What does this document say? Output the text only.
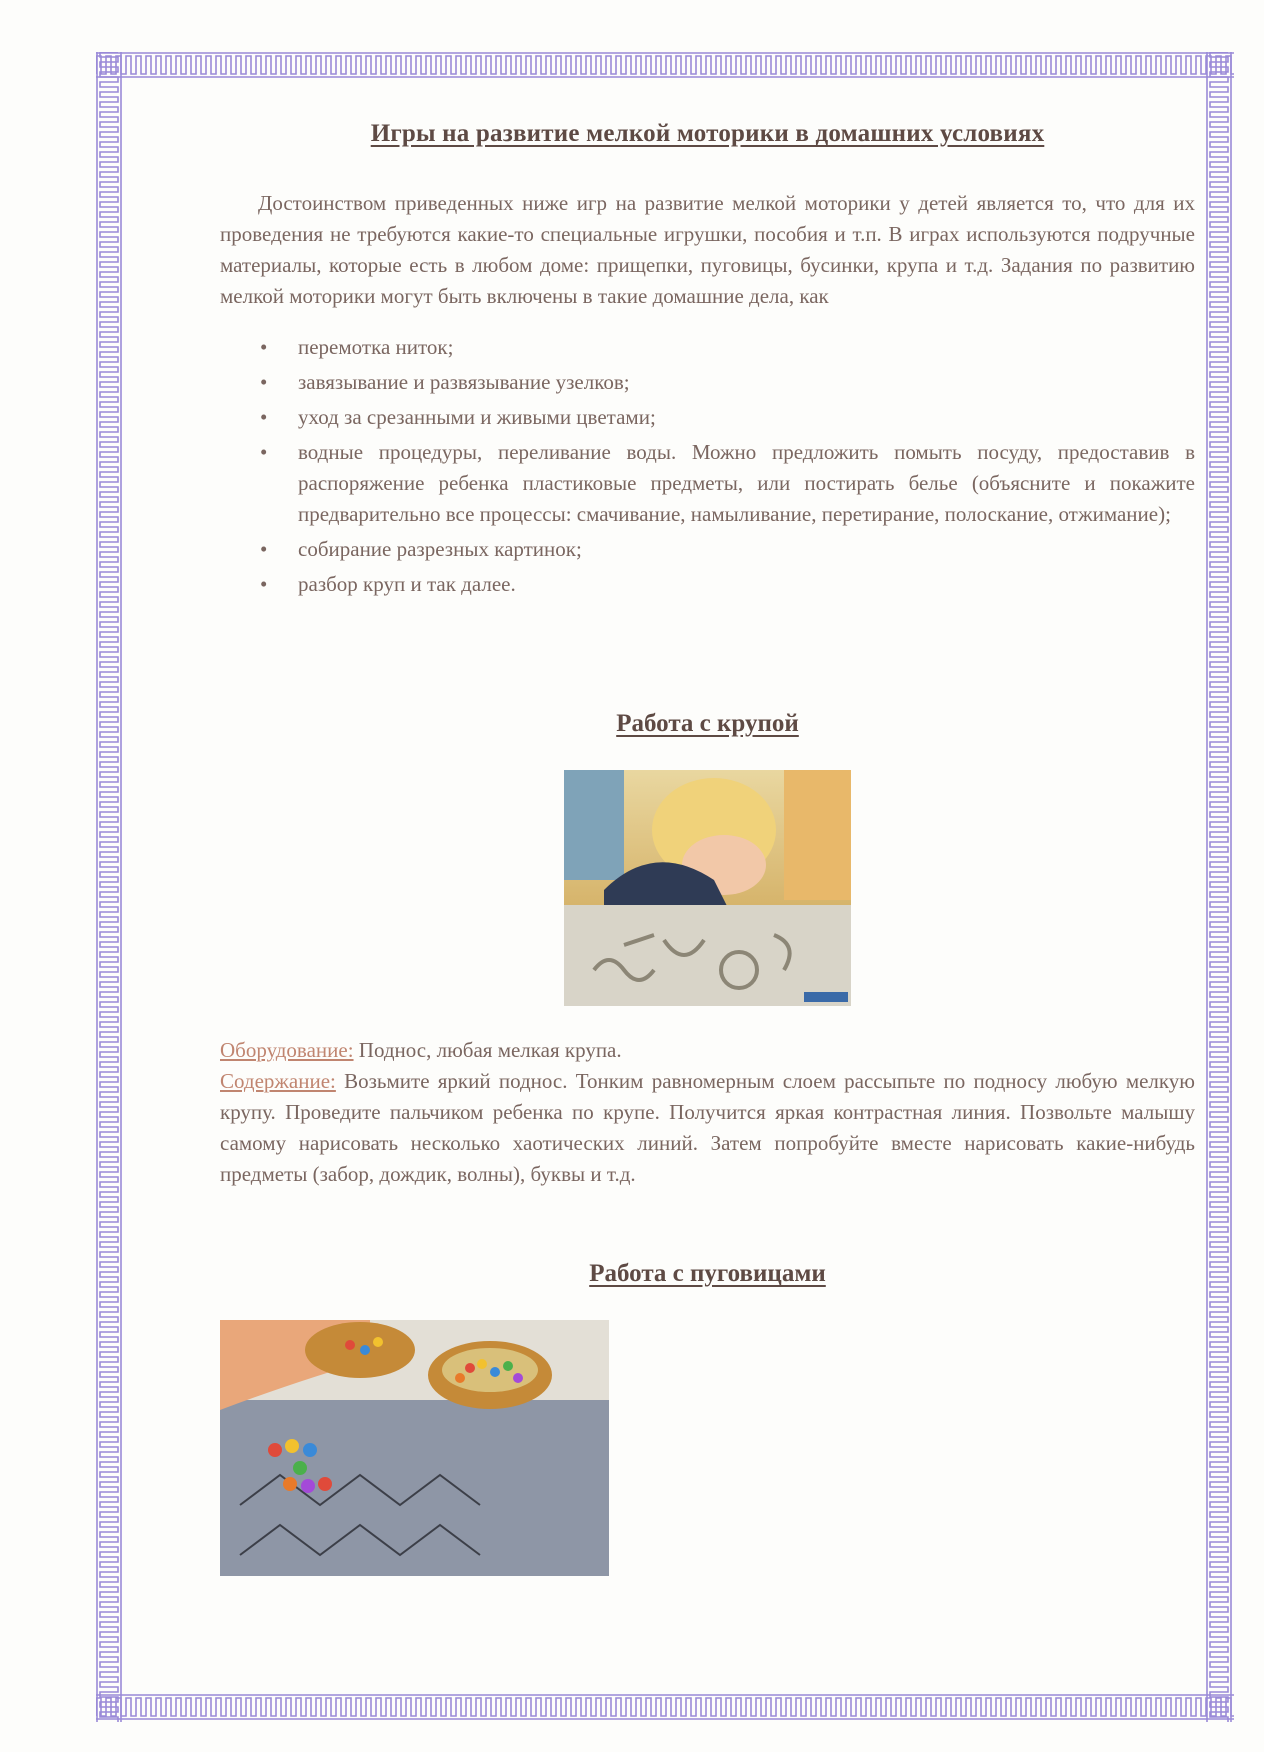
Игры на развитие мелкой моторики в домашних условиях

Достоинством приведенных ниже игр на развитие мелкой моторики у детей является то, что для их проведения не требуются какие-то специальные игрушки, пособия и т.п. В играх используются подручные материалы, которые есть в любом доме: прищепки, пуговицы, бусинки, крупа и т.д. Задания по развитию мелкой моторики могут быть включены в такие домашние дела, как

• перемотка ниток;
• завязывание и развязывание узелков;
• уход за срезанными и живыми цветами;
• водные процедуры, переливание воды. Можно предложить помыть посуду, предоставив в распоряжение ребенка пластиковые предметы, или постирать белье (объясните и покажите предварительно все процессы: смачивание, намыливание, перетирание, полоскание, отжимание);
• собирание разрезных картинок;
• разбор круп и так далее.
Работа с крупой

Оборудование: Поднос, любая мелкая крупа.

Содержание: Возьмите яркий поднос. Тонким равномерным слоем рассыпьте по подносу любую мелкую крупу. Проведите пальчиком ребенка по крупе. Получится яркая контрастная линия. Позвольте малышу самому нарисовать несколько хаотических линий. Затем попробуйте вместе нарисовать какие-нибудь предметы (забор, дождик, волны), буквы и т.д.

Работа с пуговицами
